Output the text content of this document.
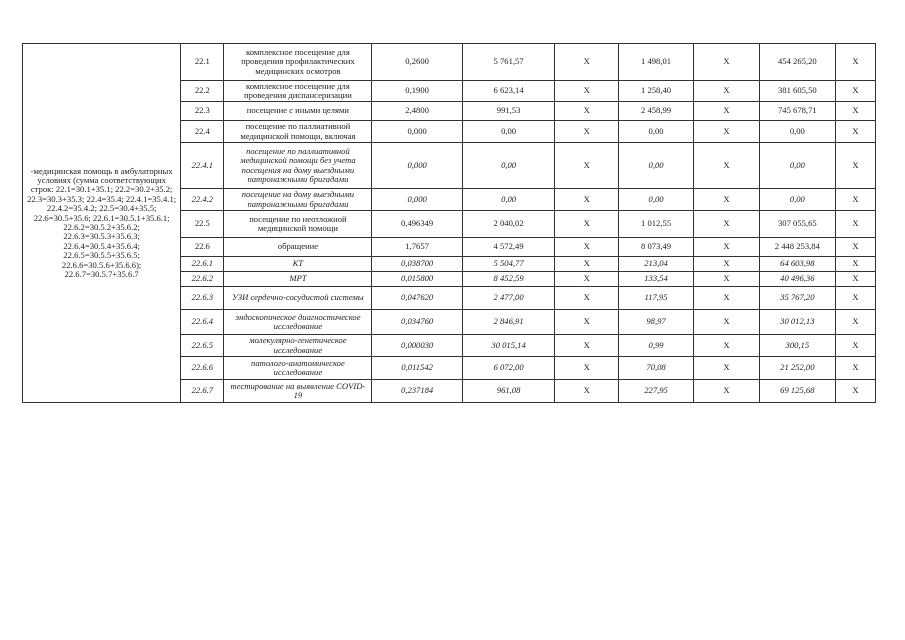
-медицинская помощь в амбулаторных условиях (сумма соответствующих строк: 22.1=30.1+35.1; 22.2=30.2+35.2; 22.3=30.3+35.3; 22.4=35.4; 22.4.1=35.4.1; 22.4.2=35.4.2; 22.5=30.4+35.5; 22.6=30.5+35.6; 22.6.1=30.5.1+35.6.1; 22.6.2=30.5.2+35.6.2; 22.6.3=30.5.3+35.6.3; 22.6.4=30.5.4+35.6.4; 22.6.5=30.5.5+35.6.5; 22.6.6=30.5.6+35.6.6); 22.6.7=30.5.7+35.6.7	22.1	комплексное посещение для проведения профилактических медицинских осмотров	0,2600	5 761,57	X	1 498,01	X	454 265,20	X
	22.2	комплексное посещение для проведения диспансеризации	0,1900	6 623,14	X	1 258,40	X	381 605,50	X
	22.3	посещение с иными целями	2,4800	991,53	X	2 458,99	X	745 678,71	X
	22.4	посещение по паллиативной медицинской помощи, включая	0,000	0,00	X	0,00	X	0,00	X
	22.4.1	посещение по паллиативной медицинской помощи без учета посещения на дому выездными патронажными бригадами	0,000	0,00	X	0,00	X	0,00	X
	22.4.2	посещение на дому выездными патронажными бригадами	0,000	0,00	X	0,00	X	0,00	X
	22.5	посещение по неотложной медицинской помощи	0,496349	2 040,02	X	1 012,55	X	307 055,65	X
	22.6	обращение	1,7657	4 572,49	X	8 073,49	X	2 448 253,84	X
	22.6.1	КТ	0,038700	5 504,77	X	213,04	X	64 603,98	X
	22.6.2	МРТ	0,015800	8 452,59	X	133,54	X	40 496,36	X
	22.6.3	УЗИ сердечно-сосудистой системы	0,047620	2 477,00	X	117,95	X	35 767,20	X
	22.6.4	эндоскопическое диагностическое исследование	0,034760	2 846,91	X	98,97	X	30 012,13	X
	22.6.5	молекулярно-генетическое исследование	0,000030	30 015,14	X	0,99	X	300,15	X
	22.6.6	патолого-анатомическое исследование	0,011542	6 072,00	X	70,08	X	21 252,00	X
	22.6.7	тестирование на выявление COVID-19	0,237184	961,08	X	227,95	X	69 125,68	X
